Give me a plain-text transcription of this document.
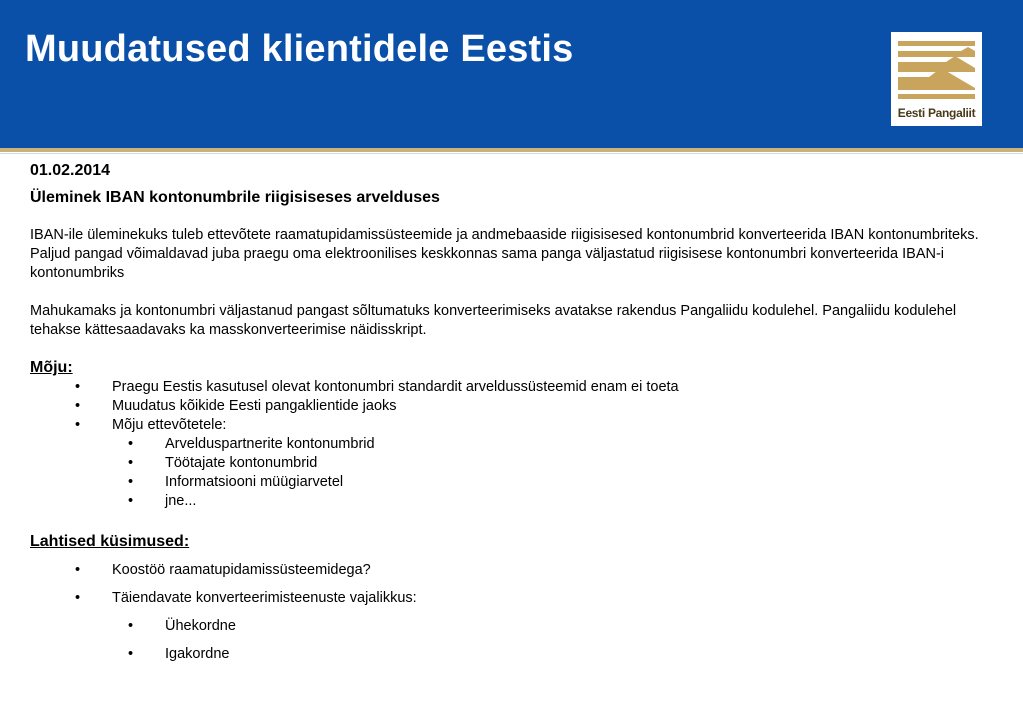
Muudatused klientidele Eestis
Eesti Pangaliit

01.02.2014

Üleminek IBAN kontonumbrile riigisiseses arvelduses

IBAN-ile üleminekuks tuleb ettevõtete raamatupidamissüsteemide ja andmebaaside riigisisesed kontonumbrid konverteerida IBAN kontonumbriteks. Paljud pangad võimaldavad juba praegu oma elektroonilises keskkonnas sama panga väljastatud riigisisese kontonumbri konverteerida IBAN-i kontonumbriks

Mahukamaks ja kontonumbri väljastanud pangast sõltumatuks konverteerimiseks avatakse rakendus Pangaliidu kodulehel. Pangaliidu kodulehel tehakse kättesaadavaks ka masskonverteerimise näidisskript.

Mõju:

• Praegu Eestis kasutusel olevat kontonumbri standardit arveldussüsteemid enam ei toeta
• Muudatus kõikide Eesti pangaklientide jaoks
• Mõju ettevõtetele:
• Arvelduspartnerite kontonumbrid
• Töötajate kontonumbrid
• Informatsiooni müügiarvetel
• jne...

Lahtised küsimused:

• Koostöö raamatupidamissüsteemidega?
• Täiendavate konverteerimisteenuste vajalikkus:
• Ühekordne
• Igakordne
